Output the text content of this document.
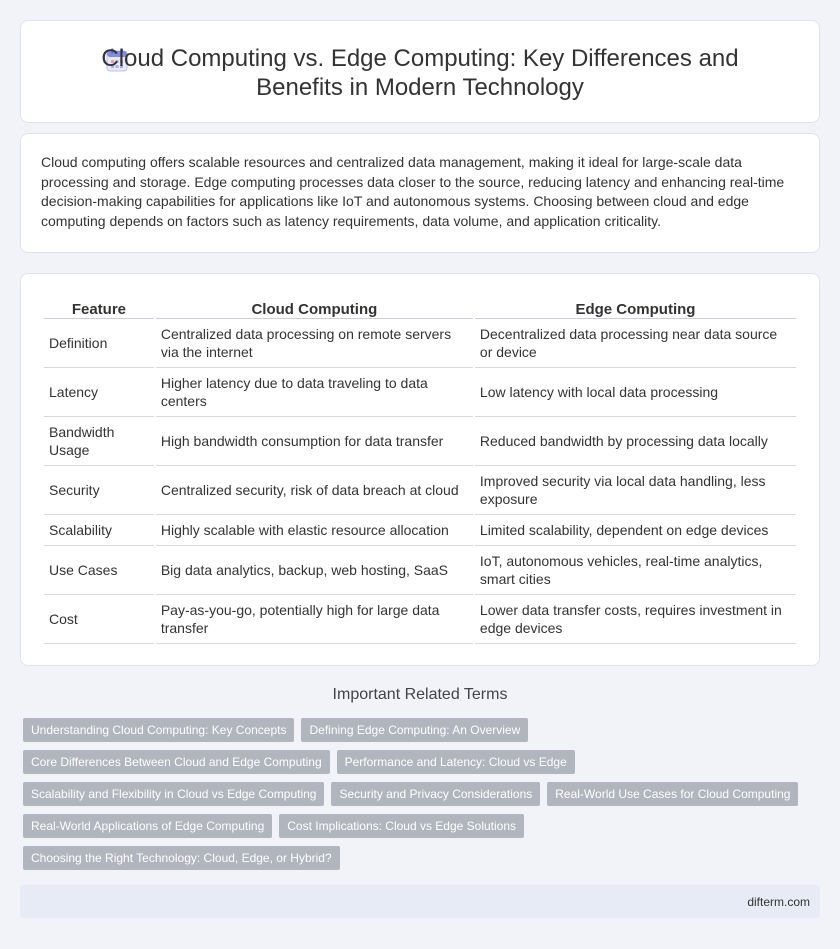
Cloud Computing vs. Edge Computing: Key Differences and
Benefits in Modern Technology

Cloud computing offers scalable resources and centralized data management, making it ideal for large-scale data processing and storage. Edge computing processes data closer to the source, reducing latency and enhancing real-time decision-making capabilities for applications like IoT and autonomous systems. Choosing between cloud and edge computing depends on factors such as latency requirements, data volume, and application criticality.

Feature	Cloud Computing	Edge Computing
Definition	Centralized data processing on remote servers via the internet	Decentralized data processing near data source or device
Latency	Higher latency due to data traveling to data centers	Low latency with local data processing
Bandwidth Usage	High bandwidth consumption for data transfer	Reduced bandwidth by processing data locally
Security	Centralized security, risk of data breach at cloud	Improved security via local data handling, less exposure
Scalability	Highly scalable with elastic resource allocation	Limited scalability, dependent on edge devices
Use Cases	Big data analytics, backup, web hosting, SaaS	IoT, autonomous vehicles, real-time analytics, smart cities
Cost	Pay-as-you-go, potentially high for large data transfer	Lower data transfer costs, requires investment in edge devices
Important Related Terms
Understanding Cloud Computing: Key Concepts	Defining Edge Computing: An Overview
Core Differences Between Cloud and Edge Computing	Performance and Latency: Cloud vs Edge
Scalability and Flexibility in Cloud vs Edge Computing	Security and Privacy Considerations	Real-World Use Cases for Cloud Computing
Real-World Applications of Edge Computing	Cost Implications: Cloud vs Edge Solutions
Choosing the Right Technology: Cloud, Edge, or Hybrid?
difterm.com
